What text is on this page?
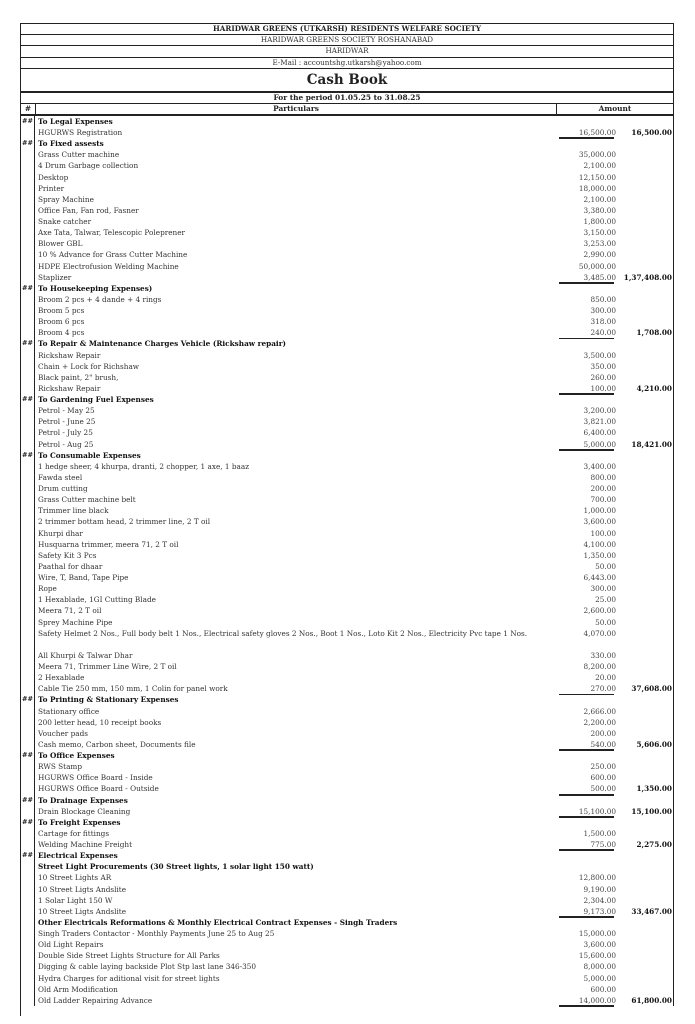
HARIDWAR GREENS (UTKARSH) RESIDENTS WELFARE SOCIETY
HARIDWAR GREENS SOCIETY ROSHANABAD
HARIDWAR
E-Mail : accountshg.utkarsh@yahoo.com
Cash Book
For the period 01.05.25 to 31.08.25
#	Particulars	Amount
## To Legal Expenses
HGURWS Registration	16,500.00	16,500.00
## To Fixed assests
Grass Cutter machine	35,000.00
4 Drum Garbage collection	2,100.00
Desktop	12,150.00
Printer	18,000.00
Spray Machine	2,100.00
Office Fan, Fan rod, Fasner	3,380.00
Snake catcher	1,800.00
Axe Tata, Talwar, Telescopic Poleprener	3,150.00
Blower GBL	3,253.00
10 % Advance for Grass Cutter Machine	2,990.00
HDPE Electrofusion Welding Machine	50,000.00
Staplizer	3,485.00	1,37,408.00
## To Housekeeping Expenses)
Broom 2 pcs + 4 dande + 4 rings	850.00
Broom 5 pcs	300.00
Broom 6 pcs	318.00
Broom 4 pcs	240.00	1,708.00
## To Repair & Maintenance Charges Vehicle (Rickshaw repair)
Rickshaw Repair	3,500.00
Chain + Lock for Richshaw	350.00
Black paint, 2" brush,	260.00
Rickshaw Repair	100.00	4,210.00
## To Gardening Fuel Expenses
Petrol - May 25	3,200.00
Petrol - June 25	3,821.00
Petrol - July 25	6,400.00
Petrol - Aug 25	5,000.00	18,421.00
## To Consumable Expenses
1 hedge sheer, 4 khurpa, dranti, 2 chopper, 1 axe, 1 baaz	3,400.00
Fawda steel	800.00
Drum cutting	200.00
Grass Cutter machine belt	700.00
Trimmer line black	1,000.00
2 trimmer bottam head, 2 trimmer line, 2 T oil	3,600.00
Khurpi dhar	100.00
Husquarna trimmer, meera 71, 2 T oil	4,100.00
Safety Kit 3 Pcs	1,350.00
Paathal for dhaar	50.00
Wire, T, Band, Tape Pipe	6,443.00
Rope	300.00
1 Hexablade, 1GI Cutting Blade	25.00
Meera 71, 2 T oil	2,600.00
Sprey Machine Pipe	50.00
Safety Helmet 2 Nos., Full body belt 1 Nos., Electrical safety gloves 2 Nos., Boot 1 Nos., Loto Kit 2 Nos., Electricity Pvc tape 1 Nos.	4,070.00
All Khurpi & Talwar Dhar	330.00
Meera 71, Trimmer Line Wire, 2 T oil	8,200.00
2 Hexablade	20.00
Cable Tie 250 mm, 150 mm, 1 Colin for panel work	270.00	37,608.00
## To Printing & Stationary Expenses
Stationary office	2,666.00
200 letter head, 10 receipt books	2,200.00
Voucher pads	200.00
Cash memo, Carbon sheet, Documents file	540.00	5,606.00
## To Office Expenses
RWS Stamp	250.00
HGURWS Office Board - Inside	600.00
HGURWS Office Board - Outside	500.00	1,350.00
## To Drainage Expenses
Drain Blockage Cleaning	15,100.00	15,100.00
## To Freight Expenses
Cartage for fittings	1,500.00
Welding Machine Freight	775.00	2,275.00
## Electrical Expenses
Street Light Procurements (30 Street lights, 1 solar light 150 watt)
10 Street Lights AR	12,800.00
10 Street Ligts Andslite	9,190.00
1 Solar Light 150 W	2,304.00
10 Street Ligts Andslite	9,173.00	33,467.00
Other Electricals Reformations & Monthly Electrical Contract Expenses - Singh Traders
Singh Traders Contactor - Monthly Payments June 25 to Aug 25	15,000.00
Old Light Repairs	3,600.00
Double Side Street Lights Structure for All Parks	15,600.00
Digging & cable laying backside Plot Stp last lane 346-350	8,000.00
Hydra Charges for aditional visit for street lights	5,000.00
Old Arm Modification	600.00
Old Ladder Repairing Advance	14,000.00	61,800.00
